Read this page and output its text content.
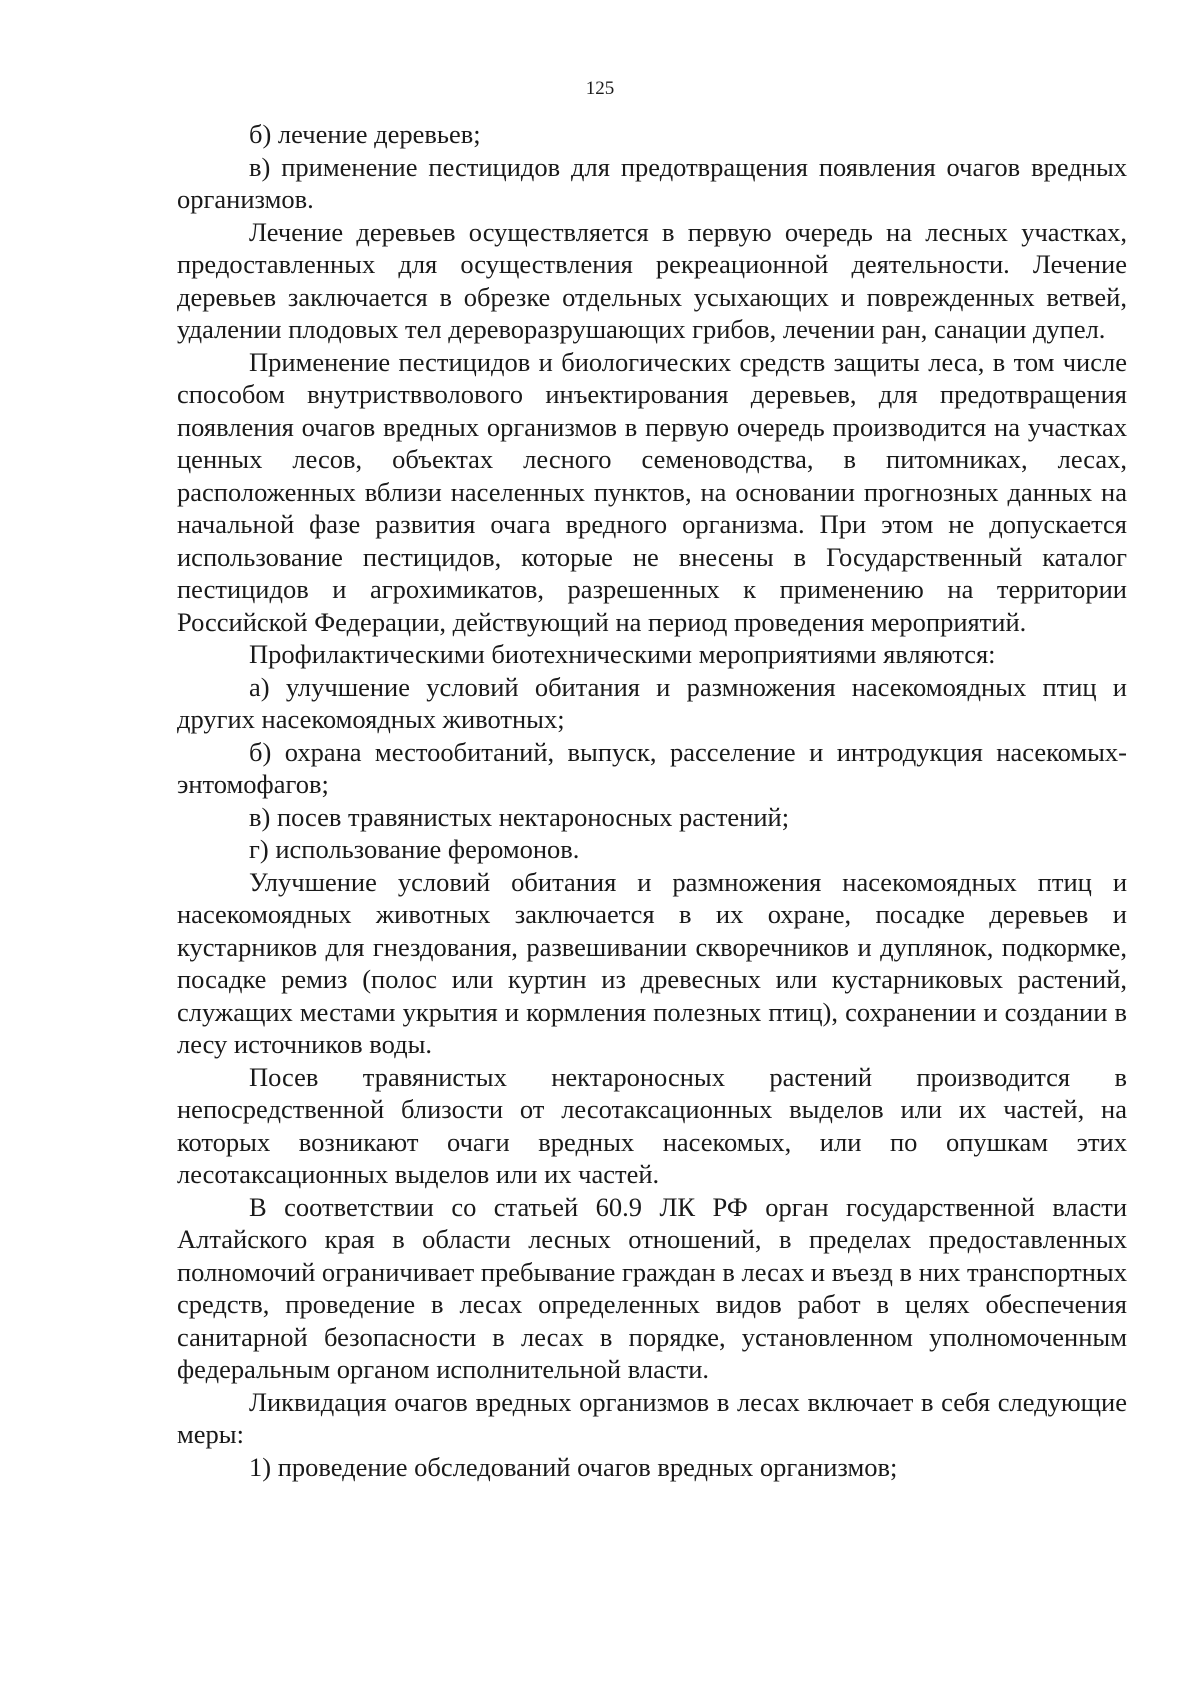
125

б) лечение деревьев;

в) применение пестицидов для предотвращения появления очагов вредных организмов.

Лечение деревьев осуществляется в первую очередь на лесных участках, предоставленных для осуществления рекреационной деятельности. Лечение деревьев заключается в обрезке отдельных усыхающих и поврежденных ветвей, удалении плодовых тел дереворазрушающих грибов, лечении ран, санации дупел.

Применение пестицидов и биологических средств защиты леса, в том числе способом внутриствволового инъектирования деревьев, для предотвращения появления очагов вредных организмов в первую очередь производится на участках ценных лесов, объектах лесного семеноводства, в питомниках, лесах, расположенных вблизи населенных пунктов, на основании прогнозных данных на начальной фазе развития очага вредного организма. При этом не допускается использование пестицидов, которые не внесены в Государственный каталог пестицидов и агрохимикатов, разрешенных к применению на территории Российской Федерации, действующий на период проведения мероприятий.

Профилактическими биотехническими мероприятиями являются:

а) улучшение условий обитания и размножения насекомоядных птиц и других насекомоядных животных;

б) охрана местообитаний, выпуск, расселение и интродукция насекомых-энтомофагов;

в) посев травянистых нектароносных растений;

г) использование феромонов.

Улучшение условий обитания и размножения насекомоядных птиц и насекомоядных животных заключается в их охране, посадке деревьев и кустарников для гнездования, развешивании скворечников и дуплянок, подкормке, посадке ремиз (полос или куртин из древесных или кустарниковых растений, служащих местами укрытия и кормления полезных птиц), сохранении и создании в лесу источников воды.

Посев травянистых нектароносных растений производится в непосредственной близости от лесотаксационных выделов или их частей, на которых возникают очаги вредных насекомых, или по опушкам этих лесотаксационных выделов или их частей.

В соответствии со статьей 60.9 ЛК РФ орган государственной власти Алтайского края в области лесных отношений, в пределах предоставленных полномочий ограничивает пребывание граждан в лесах и въезд в них транспортных средств, проведение в лесах определенных видов работ в целях обеспечения санитарной безопасности в лесах в порядке, установленном уполномоченным федеральным органом исполнительной власти.

Ликвидация очагов вредных организмов в лесах включает в себя следующие меры:

1) проведение обследований очагов вредных организмов;
